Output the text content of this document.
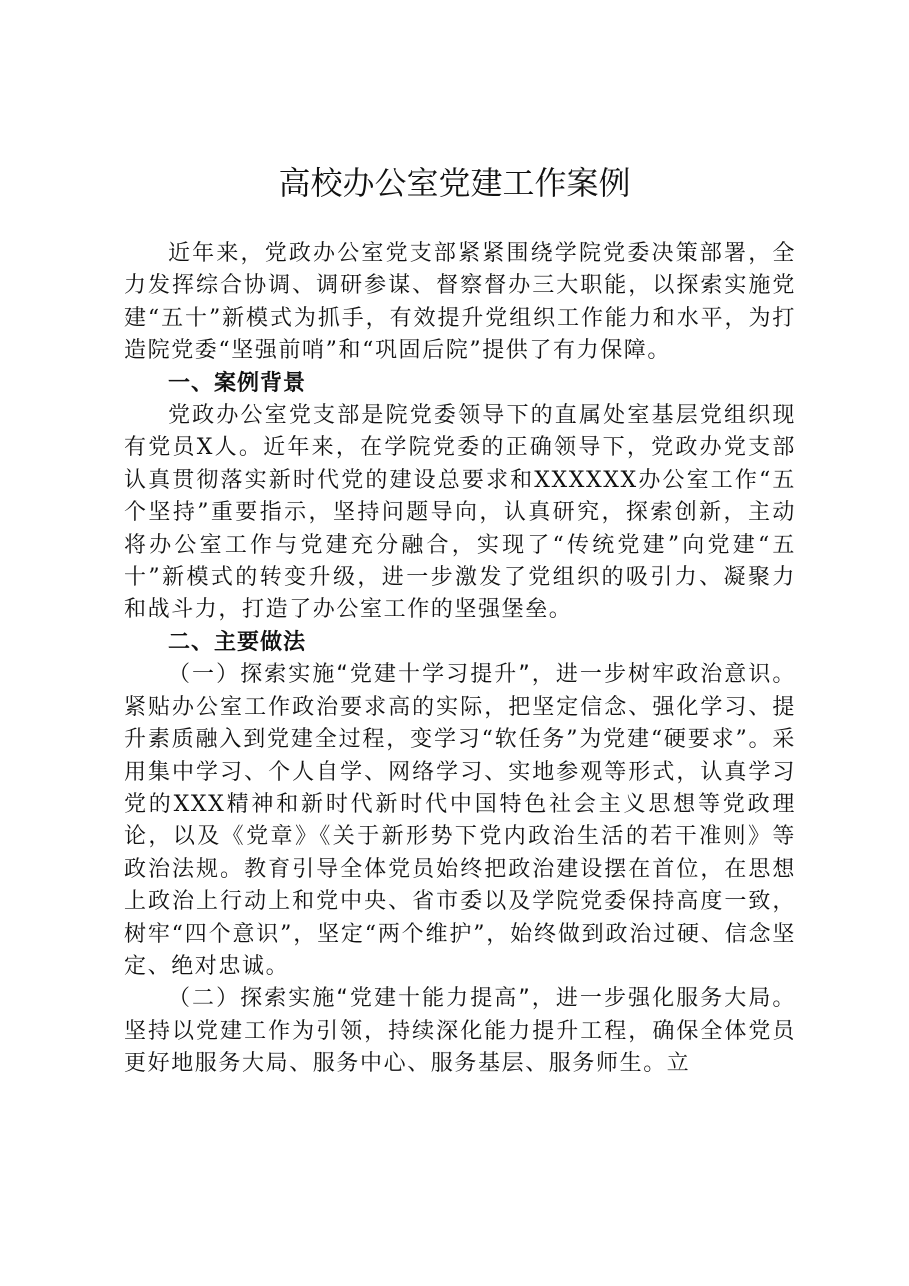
高校办公室党建工作案例

近年来，党政办公室党支部紧紧围绕学院党委决策部署，全力发挥综合协调、调研参谋、督察督办三大职能，以探索实施党建“五十”新模式为抓手，有效提升党组织工作能力和水平，为打造院党委“坚强前哨”和“巩固后院”提供了有力保障。

一、案例背景

党政办公室党支部是院党委领导下的直属处室基层党组织现有党员X人。近年来，在学院党委的正确领导下，党政办党支部认真贯彻落实新时代党的建设总要求和XXXXXX办公室工作“五个坚持”重要指示，坚持问题导向，认真研究，探索创新，主动将办公室工作与党建充分融合，实现了“传统党建”向党建“五十”新模式的转变升级，进一步激发了党组织的吸引力、凝聚力和战斗力，打造了办公室工作的坚强堡垒。

二、主要做法

（一）探索实施“党建十学习提升”，进一步树牢政治意识。紧贴办公室工作政治要求高的实际，把坚定信念、强化学习、提升素质融入到党建全过程，变学习“软任务”为党建“硬要求”。采用集中学习、个人自学、网络学习、实地参观等形式，认真学习党的XXX精神和新时代新时代中国特色社会主义思想等党政理论，以及《党章》《关于新形势下党内政治生活的若干准则》等政治法规。教育引导全体党员始终把政治建设摆在首位，在思想上政治上行动上和党中央、省市委以及学院党委保持高度一致，树牢“四个意识”，坚定“两个维护”，始终做到政治过硬、信念坚定、绝对忠诚。

（二）探索实施“党建十能力提高”，进一步强化服务大局。坚持以党建工作为引领，持续深化能力提升工程，确保全体党员更好地服务大局、服务中心、服务基层、服务师生。立
